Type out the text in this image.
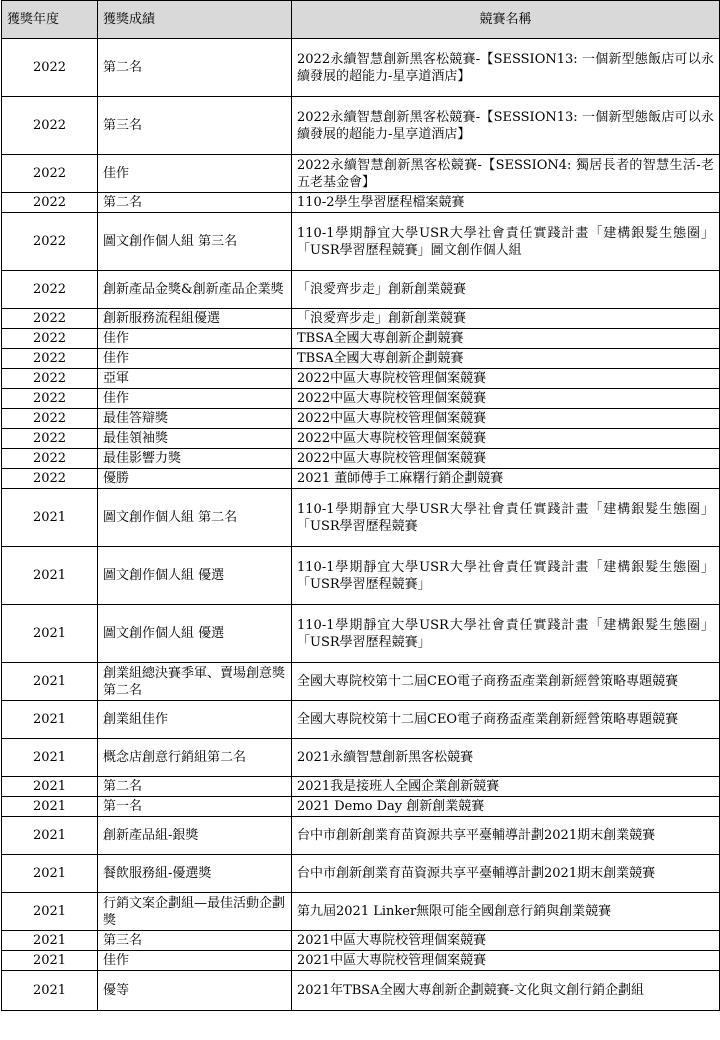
獲獎年度	獲獎成績	競賽名稱
2022	第二名	2022永續智慧創新黑客松競賽-【SESSION13: 一個新型態飯店可以永續發展的超能力-星享道酒店】
2022	第三名	2022永續智慧創新黑客松競賽-【SESSION13: 一個新型態飯店可以永續發展的超能力-星享道酒店】
2022	佳作	2022永續智慧創新黑客松競賽-【SESSION4: 獨居長者的智慧生活-老五老基金會】
2022	第二名	110-2學生學習歷程檔案競賽
2022	圖文創作個人組 第三名	110-1學期靜宜大學USR大學社會責任實踐計畫「建構銀髮生態圈」「USR學習歷程競賽」圖文創作個人組
2022	創新產品金獎&創新產品企業獎	「浪愛齊步走」創新創業競賽
2022	創新服務流程組優選	「浪愛齊步走」創新創業競賽
2022	佳作	TBSA全國大專創新企劃競賽
2022	佳作	TBSA全國大專創新企劃競賽
2022	亞軍	2022中區大專院校管理個案競賽
2022	佳作	2022中區大專院校管理個案競賽
2022	最佳答辯獎	2022中區大專院校管理個案競賽
2022	最佳領袖獎	2022中區大專院校管理個案競賽
2022	最佳影響力獎	2022中區大專院校管理個案競賽
2022	優勝	2021 董師傅手工麻糬行銷企劃競賽
2021	圖文創作個人組 第二名	110-1學期靜宜大學USR大學社會責任實踐計畫「建構銀髮生態圈」「USR學習歷程競賽
2021	圖文創作個人組 優選	110-1學期靜宜大學USR大學社會責任實踐計畫「建構銀髮生態圈」「USR學習歷程競賽」
2021	圖文創作個人組 優選	110-1學期靜宜大學USR大學社會責任實踐計畫「建構銀髮生態圈」「USR學習歷程競賽」
2021	創業組總決賽季軍、賣場創意獎第二名	全國大專院校第十二屆CEO電子商務盃產業創新經營策略專題競賽
2021	創業組佳作	全國大專院校第十二屆CEO電子商務盃產業創新經營策略專題競賽
2021	概念店創意行銷組第二名	2021永續智慧創新黑客松競賽
2021	第二名	2021我是接班人全國企業創新競賽
2021	第一名	2021 Demo Day 創新創業競賽
2021	創新產品組-銀獎	台中市創新創業育苗資源共享平臺輔導計劃2021期末創業競賽
2021	餐飲服務組-優選獎	台中市創新創業育苗資源共享平臺輔導計劃2021期末創業競賽
2021	行銷文案企劃組—最佳活動企劃獎	第九屆2021 Linker無限可能全國創意行銷與創業競賽
2021	第三名	2021中區大專院校管理個案競賽
2021	佳作	2021中區大專院校管理個案競賽
2021	優等	2021年TBSA全國大專創新企劃競賽-文化與文創行銷企劃組
